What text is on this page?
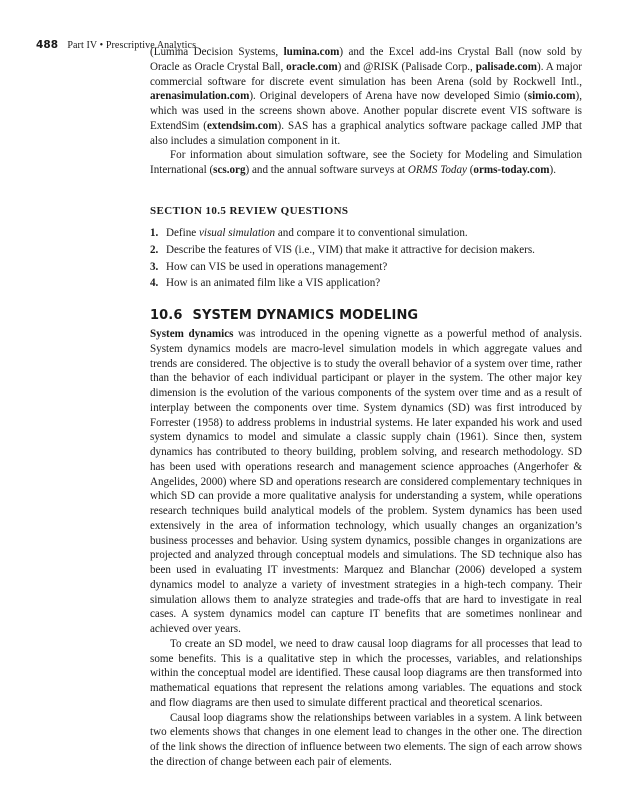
488 Part IV • Prescriptive Analytics

(Lumina Decision Systems, lumina.com) and the Excel add-ins Crystal Ball (now sold by Oracle as Oracle Crystal Ball, oracle.com) and @RISK (Palisade Corp., palisade.com). A major commercial software for discrete event simulation has been Arena (sold by Rockwell Intl., arenasimulation.com). Original developers of Arena have now developed Simio (simio.com), which was used in the screens shown above. Another popular discrete event VIS software is ExtendSim (extendsim.com). SAS has a graphical analytics software package called JMP that also includes a simulation component in it.

For information about simulation software, see the Society for Modeling and Simulation International (scs.org) and the annual software surveys at ORMS Today (orms-today.com).

SECTION 10.5 REVIEW QUESTIONS
1. Define visual simulation and compare it to conventional simulation.
2. Describe the features of VIS (i.e., VIM) that make it attractive for decision makers.
3. How can VIS be used in operations management?
4. How is an animated film like a VIS application?
10.6 SYSTEM DYNAMICS MODELING

System dynamics was introduced in the opening vignette as a powerful method of analysis. System dynamics models are macro-level simulation models in which aggregate values and trends are considered. The objective is to study the overall behavior of a system over time, rather than the behavior of each individual participant or player in the system. The other major key dimension is the evolution of the various components of the system over time and as a result of interplay between the components over time. System dynamics (SD) was first introduced by Forrester (1958) to address problems in industrial systems. He later expanded his work and used system dynamics to model and simulate a classic supply chain (1961). Since then, system dynamics has contributed to theory building, problem solving, and research methodology. SD has been used with operations research and management science approaches (Angerhofer & Angelides, 2000) where SD and operations research are considered complementary techniques in which SD can provide a more qualitative analysis for understanding a system, while operations research techniques build analytical models of the problem. System dynamics has been used extensively in the area of information technology, which usually changes an organization’s business processes and behavior. Using system dynamics, possible changes in organizations are projected and analyzed through conceptual models and simulations. The SD technique also has been used in evaluating IT investments: Marquez and Blanchar (2006) developed a system dynamics model to analyze a variety of investment strategies in a high-tech company. Their simulation allows them to analyze strategies and trade-offs that are hard to investigate in real cases. A system dynamics model can capture IT benefits that are sometimes nonlinear and achieved over years.

To create an SD model, we need to draw causal loop diagrams for all processes that lead to some benefits. This is a qualitative step in which the processes, variables, and relationships within the conceptual model are identified. These causal loop diagrams are then transformed into mathematical equations that represent the relations among variables. The equations and stock and flow diagrams are then used to simulate different practical and theoretical scenarios.

Causal loop diagrams show the relationships between variables in a system. A link between two elements shows that changes in one element lead to changes in the other one. The direction of the link shows the direction of influence between two elements. The sign of each arrow shows the direction of change between each pair of elements.
